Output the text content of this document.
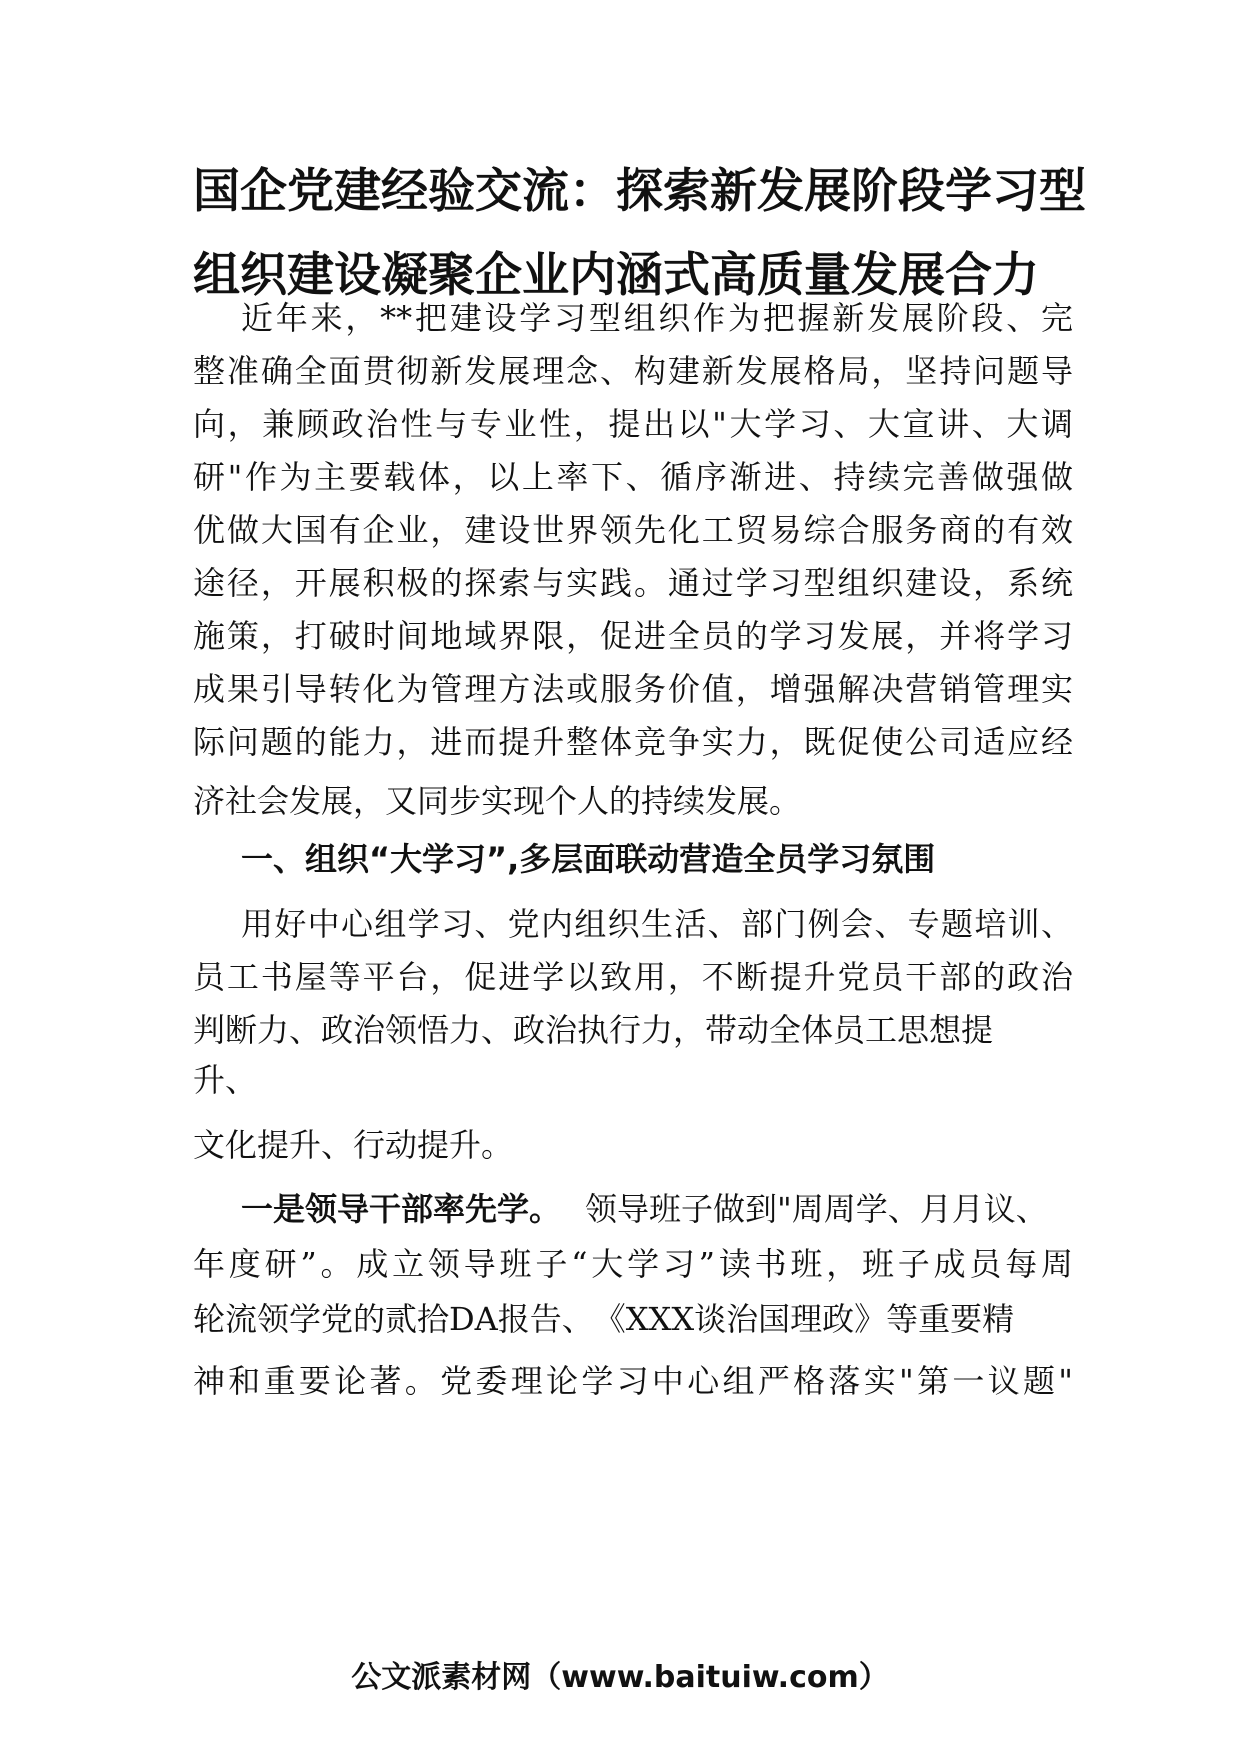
国企党建经验交流：探索新发展阶段学习型
组织建设凝聚企业内涵式高质量发展合力
近年来，**把建设学习型组织作为把握新发展阶段、完
整准确全面贯彻新发展理念、构建新发展格局，坚持问题导
向，兼顾政治性与专业性，提出以"大学习、大宣讲、大调
研"作为主要载体，以上率下、循序渐进、持续完善做强做
优做大国有企业，建设世界领先化工贸易综合服务商的有效
途径，开展积极的探索与实践。通过学习型组织建设，系统
施策，打破时间地域界限，促进全员的学习发展，并将学习
成果引导转化为管理方法或服务价值，增强解决营销管理实
际问题的能力，进而提升整体竞争实力，既促使公司适应经
济社会发展，又同步实现个人的持续发展。
一、组织“大学习”,多层面联动营造全员学习氛围
用好中心组学习、党内组织生活、部门例会、专题培训、
员工书屋等平台，促进学以致用，不断提升党员干部的政治
判断力、政治领悟力、政治执行力，带动全体员工思想提
升、
文化提升、行动提升。
一是领导干部率先学。 领导班子做到"周周学、月月议、
年度研”。成立领导班子“大学习”读书班，班子成员每周
轮流领学党的贰拾DA报告、　《XXX谈治国理政》等重要精
神和重要论著。党委理论学习中心组严格落实"第一议题"
公文派素材网（www.baituiw.com）
